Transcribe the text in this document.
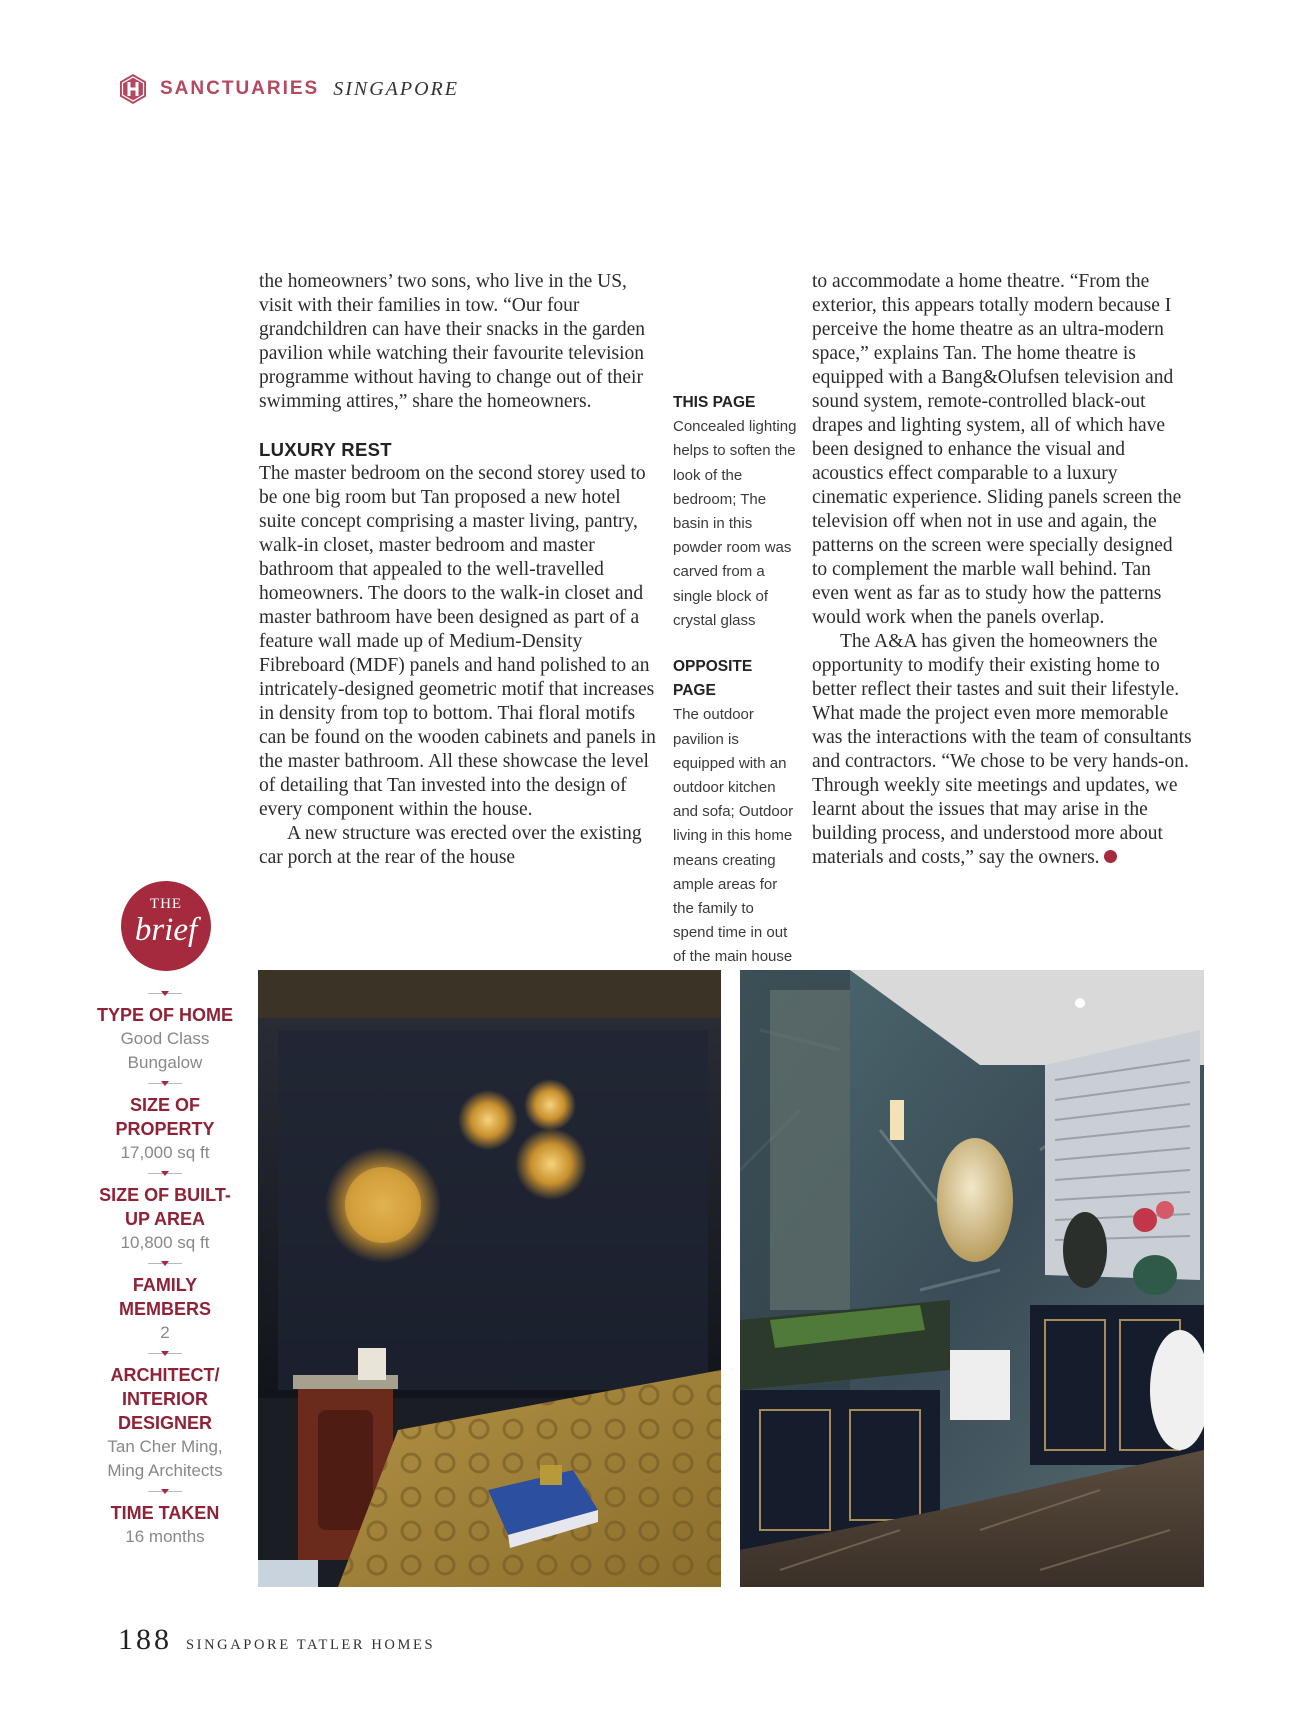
SANCTUARIES SINGAPORE

the homeowners’ two sons, who live in the US, visit with their families in tow. “Our four grandchildren can have their snacks in the garden pavilion while watching their favourite television programme without having to change out of their swimming attires,” share the homeowners.

LUXURY REST

The master bedroom on the second storey used to be one big room but Tan proposed a new hotel suite concept comprising a master living, pantry, walk-in closet, master bedroom and master bathroom that appealed to the well-travelled homeowners. The doors to the walk-in closet and master bathroom have been designed as part of a feature wall made up of Medium-Density Fibreboard (MDF) panels and hand polished to an intricately-designed geometric motif that increases in density from top to bottom. Thai floral motifs can be found on the wooden cabinets and panels in the master bathroom. All these showcase the level of detailing that Tan invested into the design of every component within the house.

A new structure was erected over the existing car porch at the rear of the house

THIS PAGE
Concealed lighting helps to soften the look of the bedroom; The basin in this powder room was carved from a single block of crystal glass
OPPOSITE PAGE
The outdoor pavilion is equipped with an outdoor kitchen and sofa; Outdoor living in this home means creating ample areas for the family to spend time in out of the main house

to accommodate a home theatre. “From the exterior, this appears totally modern because I perceive the home theatre as an ultra-modern space,” explains Tan. The home theatre is equipped with a Bang&Olufsen television and sound system, remote-controlled black-out drapes and lighting system, all of which have been designed to enhance the visual and acoustics effect comparable to a luxury cinematic experience. Sliding panels screen the television off when not in use and again, the patterns on the screen were specially designed to complement the marble wall behind. Tan even went as far as to study how the patterns would work when the panels overlap.

The A&A has given the homeowners the opportunity to modify their existing home to better reflect their tastes and suit their lifestyle. What made the project even more memorable was the interactions with the team of consultants and contractors. “We chose to be very hands-on. Through weekly site meetings and updates, we learnt about the issues that may arise in the building process, and understood more about materials and costs,” say the owners.

THE
brief
TYPE OF HOME
Good Class Bungalow
SIZE OF PROPERTY
17,000 sq ft
SIZE OF BUILT-UP AREA
10,800 sq ft
FAMILY MEMBERS
2
ARCHITECT/ INTERIOR DESIGNER
Tan Cher Ming, Ming Architects
TIME TAKEN
16 months
188 SINGAPORE TATLER HOMES
